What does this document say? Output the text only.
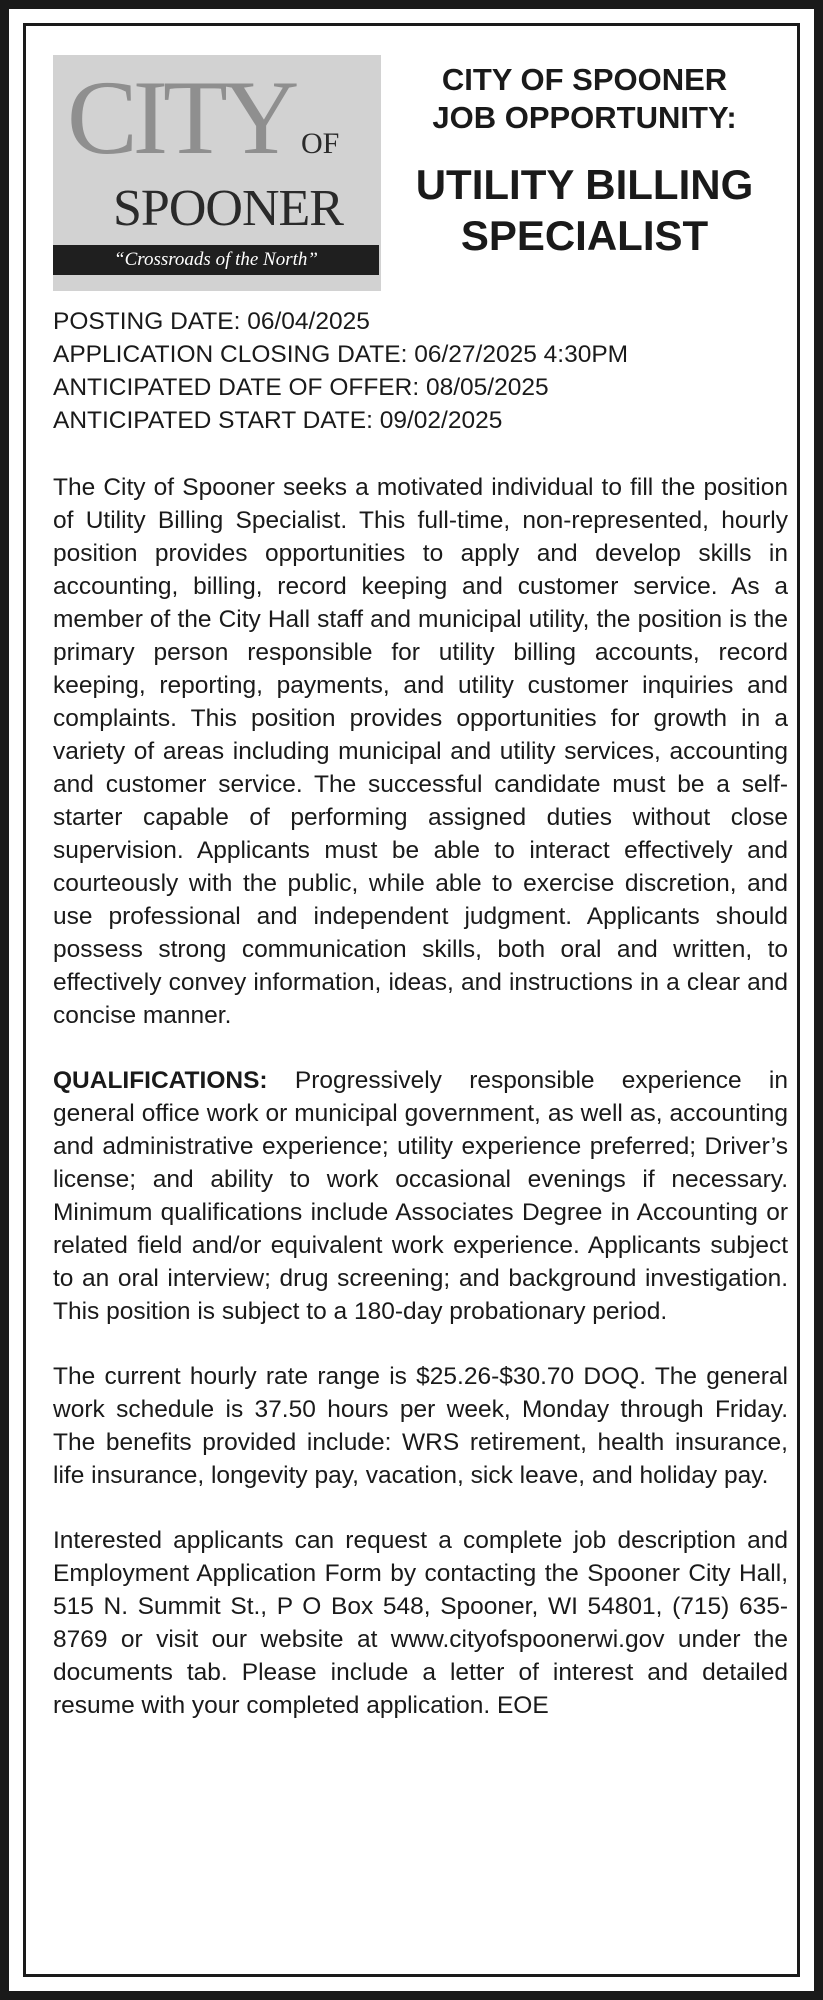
CITY OF
SPOONER
“Crossroads of the North”
CITY OF SPOONER
JOB OPPORTUNITY:
UTILITY BILLING
SPECIALIST
POSTING DATE: 06/04/2025
APPLICATION CLOSING DATE: 06/27/2025 4:30PM
ANTICIPATED DATE OF OFFER: 08/05/2025
ANTICIPATED START DATE: 09/02/2025
The City of Spooner seeks a motivated individual to fill the position of Utility Billing Specialist. This full-time, non-represented, hourly position provides opportunities to apply and develop skills in accounting, billing, record keeping and customer service. As a member of the City Hall staff and municipal utility, the position is the primary person responsible for utility billing accounts, record keeping, reporting, payments, and utility customer inquiries and complaints. This position provides opportunities for growth in a variety of areas including municipal and utility services, accounting and customer service. The successful candidate must be a self-starter capable of performing assigned duties without close supervision. Applicants must be able to interact effectively and courteously with the public, while able to exercise discretion, and use professional and independent judgment. Applicants should possess strong communication skills, both oral and written, to effectively convey information, ideas, and instructions in a clear and concise manner.
QUALIFICATIONS: Progressively responsible experience in general office work or municipal government, as well as, accounting and administrative experience; utility experience preferred; Driver’s license; and ability to work occasional evenings if necessary. Minimum qualifications include Associates Degree in Accounting or related field and/or equivalent work experience. Applicants subject to an oral interview; drug screening; and background investigation. This position is subject to a 180-day probationary period.
The current hourly rate range is $25.26-$30.70 DOQ. The general work schedule is 37.50 hours per week, Monday through Friday. The benefits provided include: WRS retirement, health insurance, life insurance, longevity pay, vacation, sick leave, and holiday pay.
Interested applicants can request a complete job description and Employment Application Form by contacting the Spooner City Hall, 515 N. Summit St., P O Box 548, Spooner, WI 54801, (715) 635-8769 or visit our website at www.cityofspoonerwi.gov under the documents tab. Please include a letter of interest and detailed resume with your completed application. EOE
